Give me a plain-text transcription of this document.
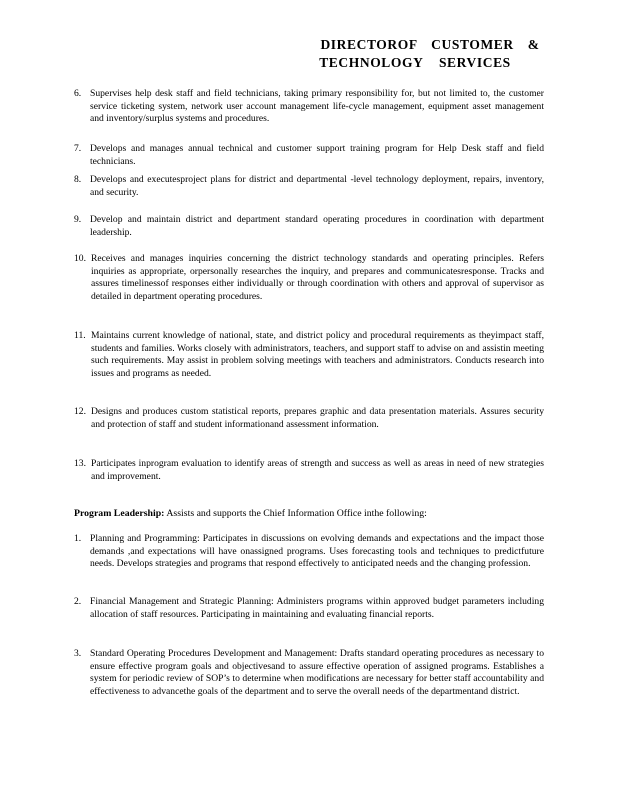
DIRECTOROF CUSTOMER &
TECHNOLOGY SERVICES
6. Supervises help desk staff and field technicians, taking primary responsibility for, but not limited to, the customer service ticketing system, network user account management life-cycle management, equipment asset management and inventory/surplus systems and procedures.
7. Develops and manages annual technical and customer support training program for Help Desk staff and field technicians.
8. Develops and executesproject plans for district and departmental -level technology deployment, repairs, inventory, and security.
9. Develop and maintain district and department standard operating procedures in coordination with department leadership.
10. Receives and manages inquiries concerning the district technology standards and operating principles. Refers inquiries as appropriate, orpersonally researches the inquiry, and prepares and communicatesresponse. Tracks and assures timelinessof responses either individually or through coordination with others and approval of supervisor as detailed in department operating procedures.
11. Maintains current knowledge of national, state, and district policy and procedural requirements as theyimpact staff, students and families. Works closely with administrators, teachers, and support staff to advise on and assistin meeting such requirements. May assist in problem solving meetings with teachers and administrators. Conducts research into issues and programs as needed.
12. Designs and produces custom statistical reports, prepares graphic and data presentation materials. Assures security and protection of staff and student informationand assessment information.
13. Participates inprogram evaluation to identify areas of strength and success as well as areas in need of new strategies and improvement.
Program Leadership: Assists and supports the Chief Information Office inthe following:
1. Planning and Programming: Participates in discussions on evolving demands and expectations and the impact those demands ,and expectations will have onassigned programs. Uses forecasting tools and techniques to predictfuture needs. Develops strategies and programs that respond effectively to anticipated needs and the changing profession.
2. Financial Management and Strategic Planning: Administers programs within approved budget parameters including allocation of staff resources. Participating in maintaining and evaluating financial reports.
3. Standard Operating Procedures Development and Management: Drafts standard operating procedures as necessary to ensure effective program goals and objectivesand to assure effective operation of assigned programs. Establishes a system for periodic review of SOP’s to determine when modifications are necessary for better staff accountability and effectiveness to advancethe goals of the department and to serve the overall needs of the departmentand district.
